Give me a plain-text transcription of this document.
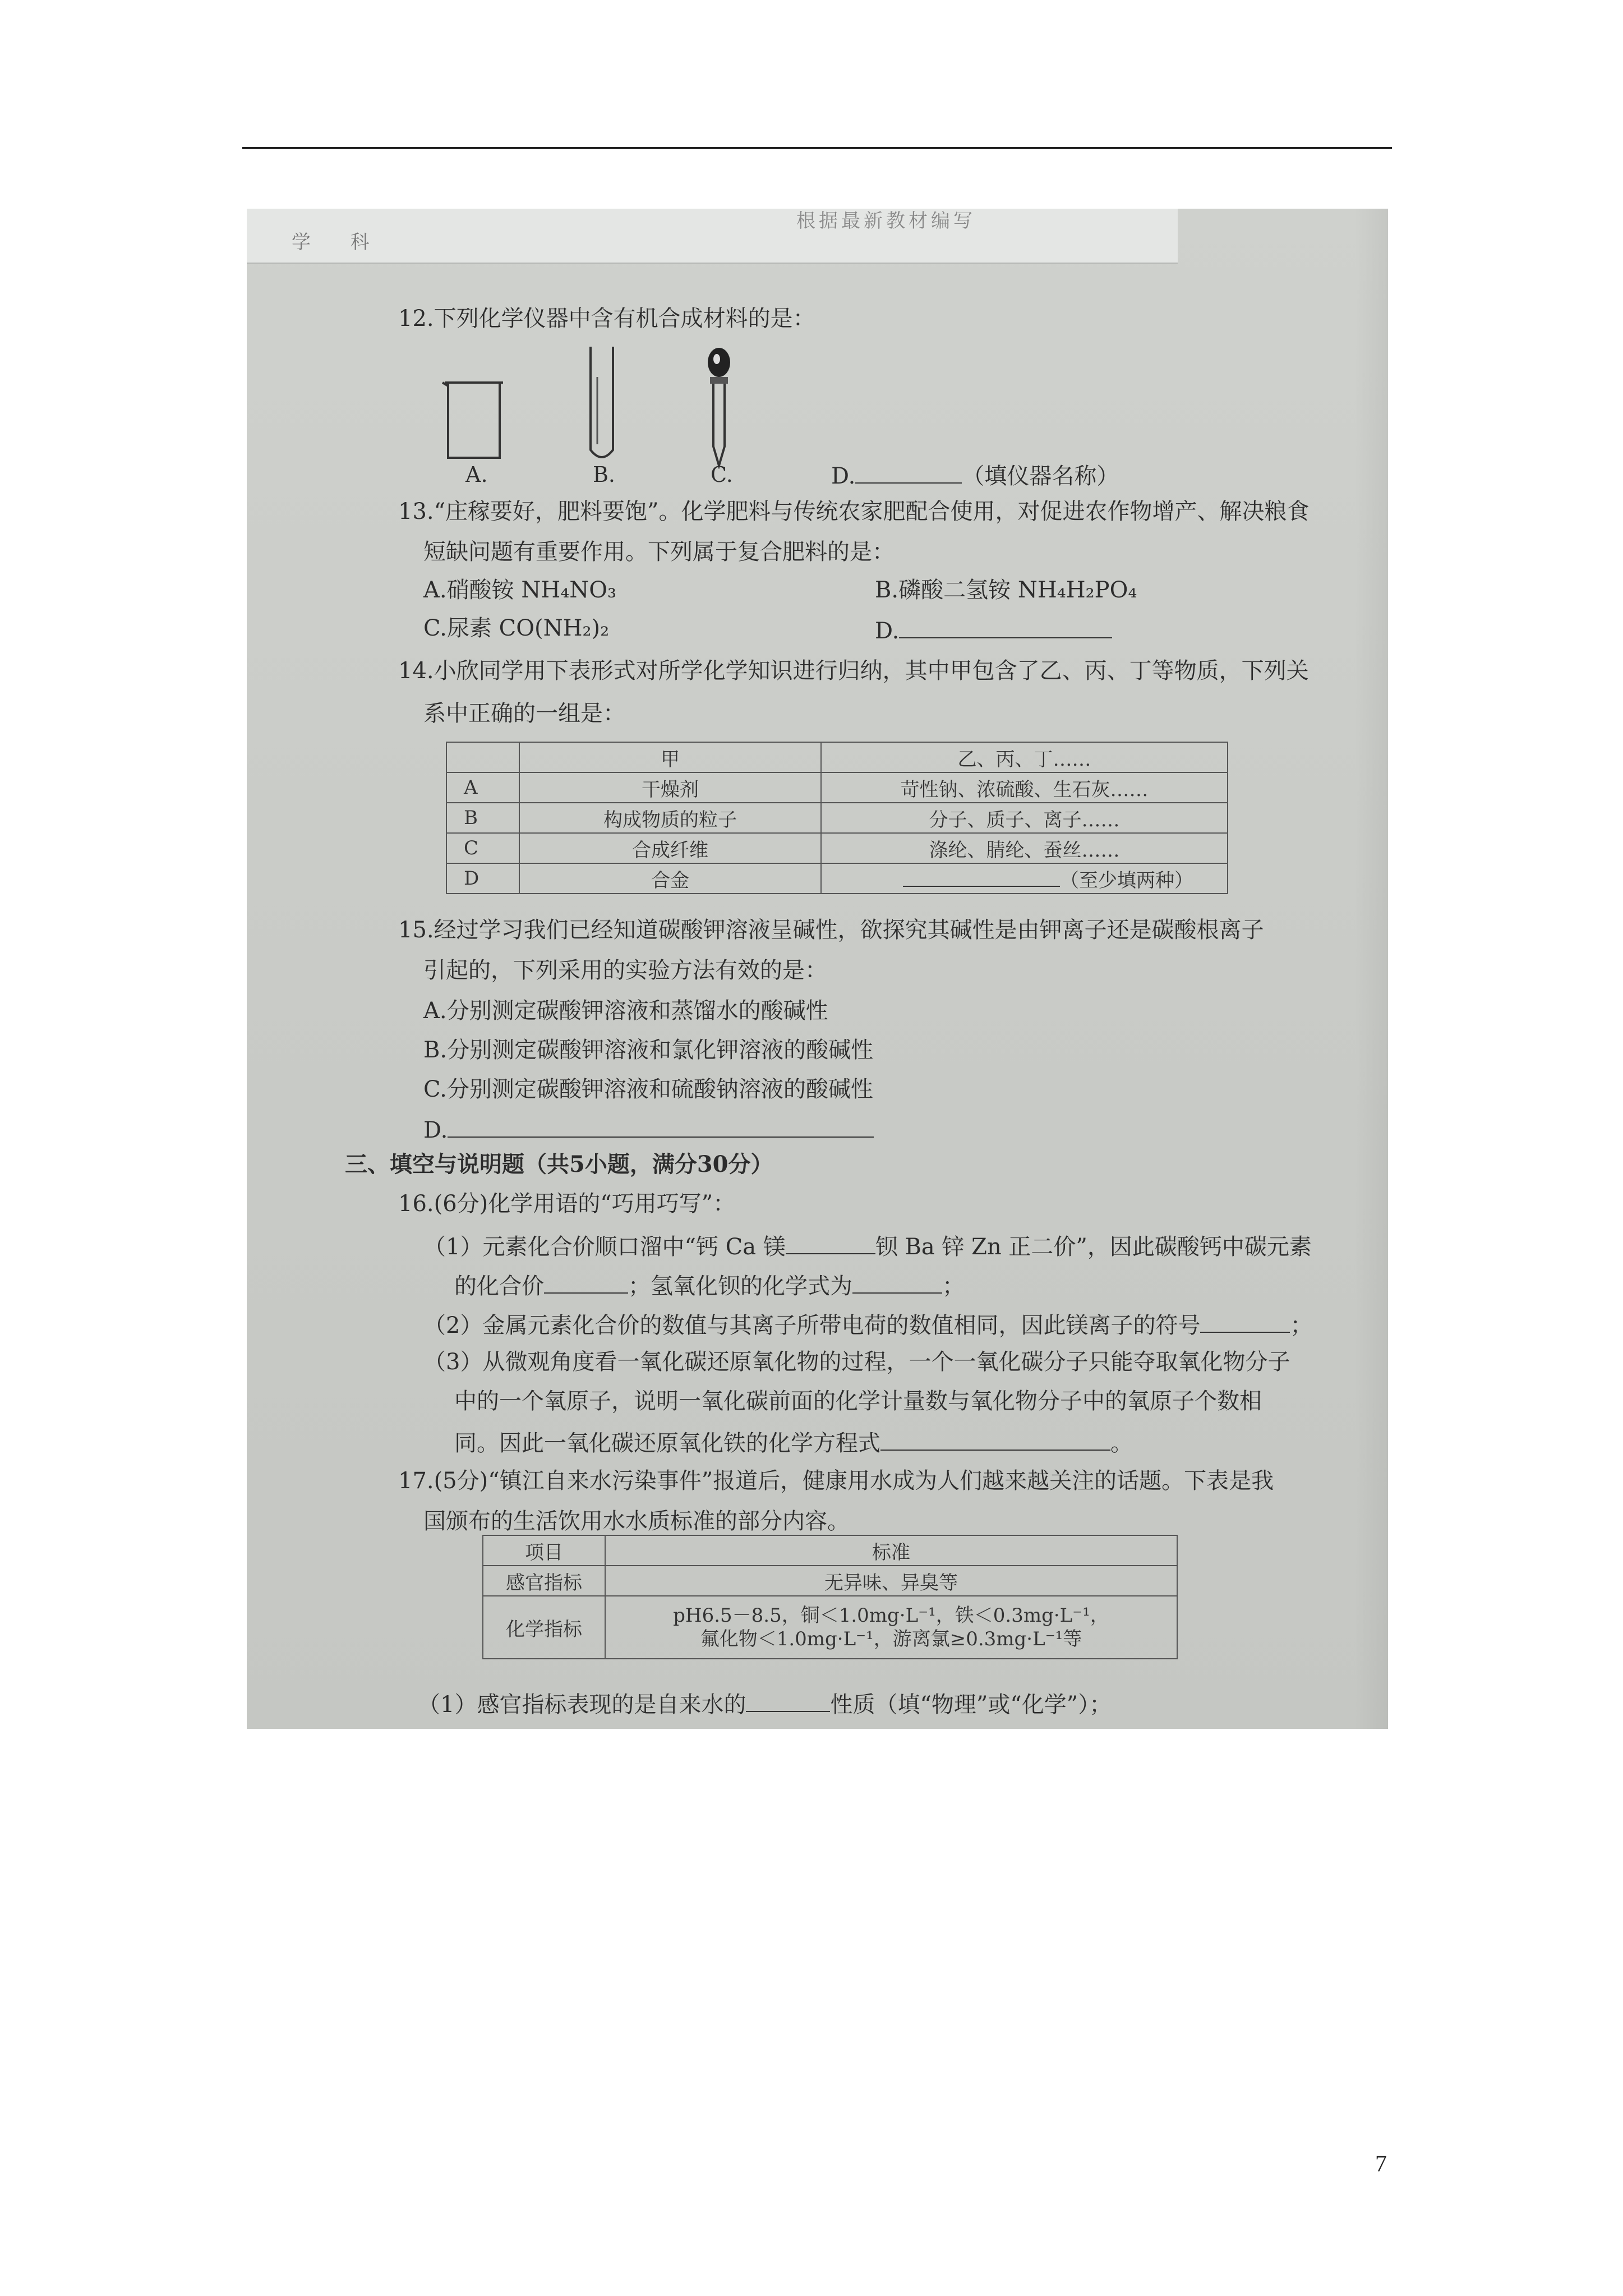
学 科
根据最新教材编写
12.下列化学仪器中含有机合成材料的是：
A.	B.	C.	D.	（填仪器名称）
13.“庄稼要好，肥料要饱”。化学肥料与传统农家肥配合使用，对促进农作物增产、解决粮食
短缺问题有重要作用。下列属于复合肥料的是：
A.硝酸铵 NH₄NO₃	B.磷酸二氢铵 NH₄H₂PO₄
C.尿素 CO(NH₂)₂	D.
14.小欣同学用下表形式对所学化学知识进行归纳，其中甲包含了乙、丙、丁等物质，下列关
系中正确的一组是：
	甲	乙、丙、丁……
A	干燥剂	苛性钠、浓硫酸、生石灰……
B	构成物质的粒子	分子、质子、离子……
C	合成纤维	涤纶、腈纶、蚕丝……
D	合金	（至少填两种）
15.经过学习我们已经知道碳酸钾溶液呈碱性，欲探究其碱性是由钾离子还是碳酸根离子
引起的，下列采用的实验方法有效的是：
A.分别测定碳酸钾溶液和蒸馏水的酸碱性
B.分别测定碳酸钾溶液和氯化钾溶液的酸碱性
C.分别测定碳酸钾溶液和硫酸钠溶液的酸碱性
D.
三、填空与说明题（共5小题，满分30分）
16.(6分)化学用语的“巧用巧写”：
（1）元素化合价顺口溜中“钙 Ca 镁	钡 Ba 锌 Zn 正二价”，因此碳酸钙中碳元素
的化合价	；氢氧化钡的化学式为	；
（2）金属元素化合价的数值与其离子所带电荷的数值相同，因此镁离子的符号	；
（3）从微观角度看一氧化碳还原氧化物的过程，一个一氧化碳分子只能夺取氧化物分子
中的一个氧原子，说明一氧化碳前面的化学计量数与氧化物分子中的氧原子个数相
同。因此一氧化碳还原氧化铁的化学方程式	。
17.(5分)“镇江自来水污染事件”报道后，健康用水成为人们越来越关注的话题。下表是我
国颁布的生活饮用水水质标准的部分内容。
项目	标准
感官指标	无异味、异臭等
化学指标	pH6.5－8.5，铜＜1.0mg·L⁻¹，铁＜0.3mg·L⁻¹，
氟化物＜1.0mg·L⁻¹，游离氯≥0.3mg·L⁻¹等
（1）感官指标表现的是自来水的	性质（填“物理”或“化学”）；
7
